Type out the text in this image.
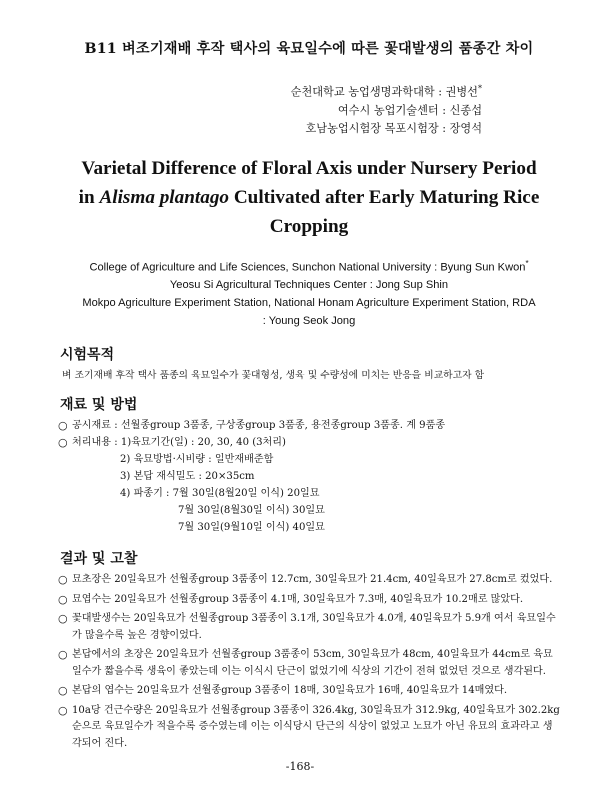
B11 벼조기재배 후작 택사의 육묘일수에 따른 꽃대발생의 품종간 차이
순천대학교 농업생명과학대학 : 권병선*
여수시 농업기술센터 : 신종섭
호남농업시험장 목포시험장 : 장영석
Varietal Difference of Floral Axis under Nursery Period
in Alisma plantago Cultivated after Early Maturing Rice Cropping
College of Agriculture and Life Sciences, Sunchon National University : Byung Sun Kwon*
Yeosu Si Agricultural Techniques Center : Jong Sup Shin
Mokpo Agriculture Experiment Station, National Honam Agriculture Experiment Station, RDA
: Young Seok Jong
시험목적
벼 조기재배 후작 택사 품종의 육묘일수가 꽃대형성, 생육 및 수량성에 미치는 반응을 비교하고자 함
재료 및 방법
○ 공시재료 : 선월종group 3품종, 구상종group 3품종, 용전종group 3품종. 계 9품종
○ 처리내용 : 1)육묘기간(일) : 20, 30, 40 (3처리)
2) 육묘방법·시비량 : 일반재배준함
3) 본답 재식밀도 : 20×35cm
4) 파종기 : 7월 30일(8월20일 이식) 20일묘
7월 30일(8월30일 이식) 30일묘
7월 30일(9월10일 이식) 40일묘
결과 및 고찰
○ 묘초장은 20일육묘가 선월종group 3품종이 12.7cm, 30일육묘가 21.4cm, 40일육묘가 27.8cm로 컸었다.
○ 묘엽수는 20일육묘가 선월종group 3품종이 4.1매, 30일육묘가 7.3매, 40일육묘가 10.2매로 많았다.
○ 꽃대발생수는 20일육묘가 선월종group 3품종이 3.1개, 30일육묘가 4.0개, 40일육묘가 5.9개 여서 육묘일수가 많을수록 높은 경향이었다.
○ 본답에서의 초장은 20일육묘가 선월종group 3품종이 53cm, 30일육묘가 48cm, 40일육묘가 44cm로 육묘일수가 짧을수록 생육이 좋았는데 이는 이식시 단근이 없었기에 식상의 기간이 전혀 없었던 것으로 생각된다.
○ 본답의 엽수는 20일육묘가 선월종group 3품종이 18매, 30일육묘가 16매, 40일육묘가 14매였다.
○ 10a당 건근수량은 20일육묘가 선월종group 3품종이 326.4kg, 30일육묘가 312.9kg, 40일육묘가 302.2kg 순으로 육묘일수가 적을수록 증수였는데 이는 이식당시 단근의 식상이 없었고 노묘가 아닌 유묘의 효과라고 생각되어 진다.
-168-
